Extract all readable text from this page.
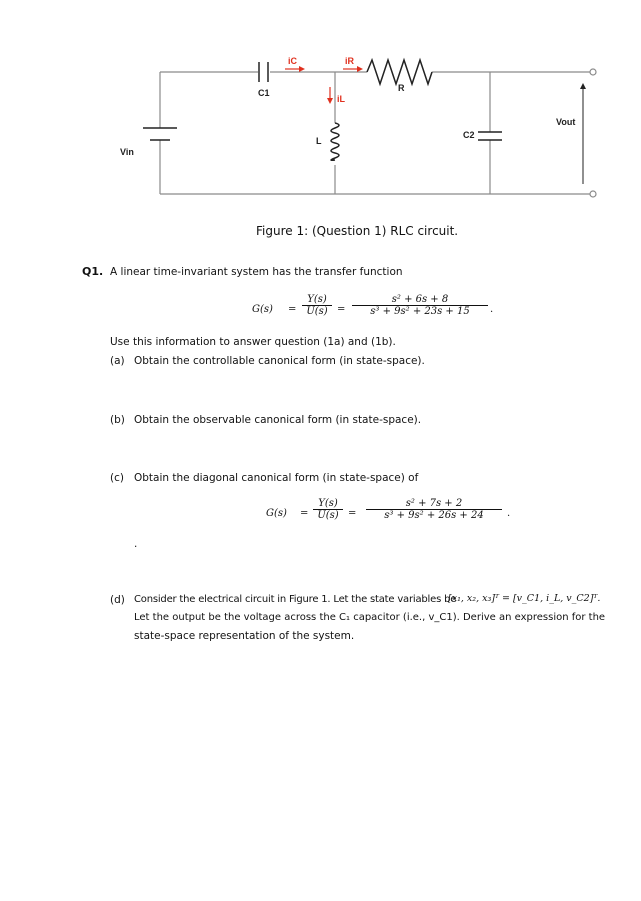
C1	R
L
C2
Vin
Vout
iC	iR
iL
Figure 1: (Question 1) RLC circuit.
Q1. A linear time-invariant system has the transfer function
$G(s) = \frac{Y(s)}{U(s)} = \frac{\text{s² + 6s + 8}}{\text{s³ + 9s² + 23s + 15}}$ .
Use this information to answer question (1a) and (1b).
(a) Obtain the controllable canonical form (in state-space).
(b) Obtain the observable canonical form (in state-space).
(c) Obtain the diagonal canonical form (in state-space) of
$G(s) = \frac{Y(s)}{U(s)} = \frac{\text{s² + 7s + 2}}{\text{s³ + 9s² + 26s + 24}}$ .
.
(d) Consider the electrical circuit in Figure 1. Let the state variables be
[x₁, x₂, x₃]ᵀ = [v_C1, i_L, v_C2]ᵀ.
Let the output be the voltage across the C₁ capacitor (i.e., v_C1). Derive an expression for the
state-space representation of the system.
